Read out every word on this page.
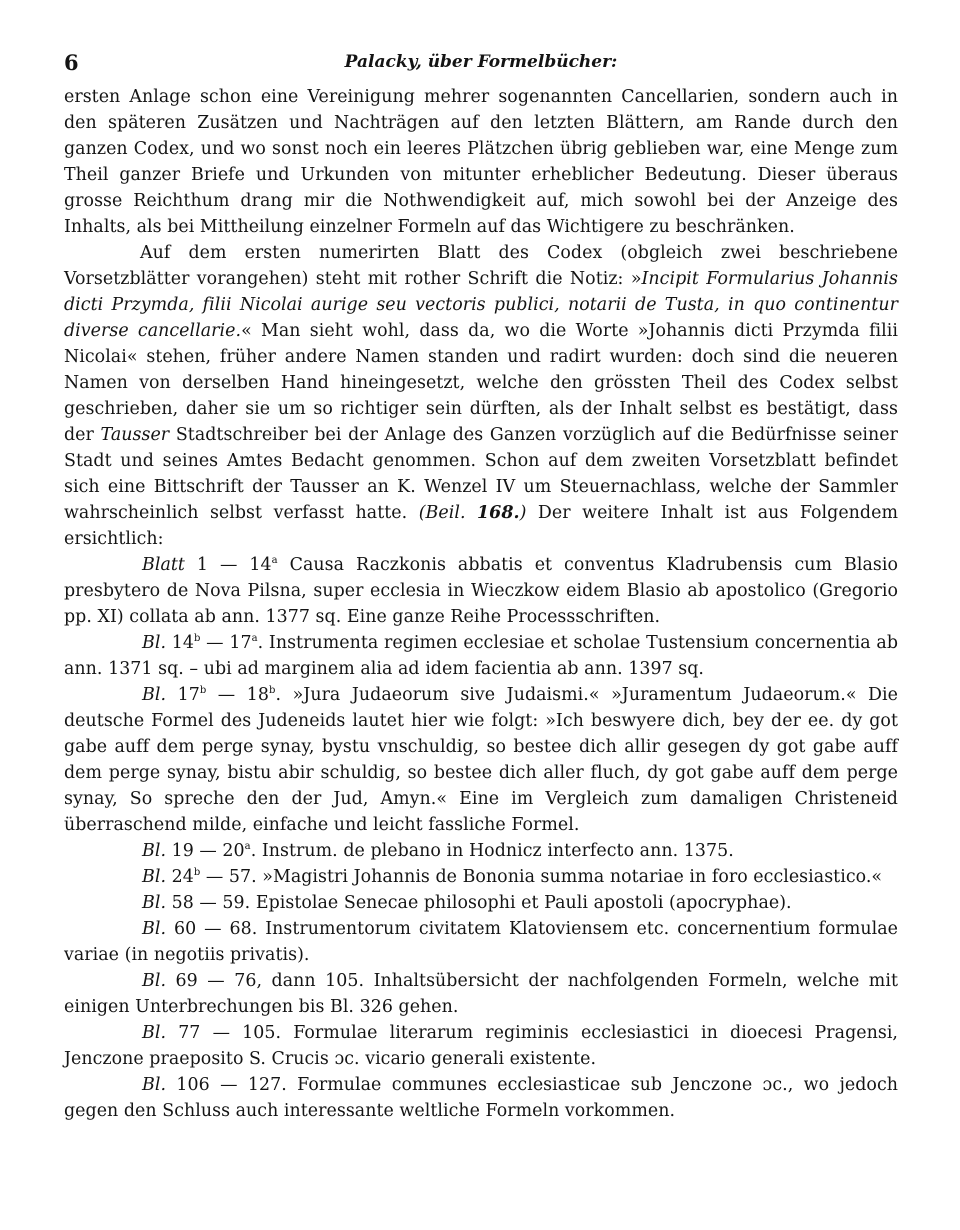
6	Palacky, über Formelbücher:

ersten Anlage schon eine Vereinigung mehrer sogenannten Cancellarien, sondern auch in den späteren Zusätzen und Nachträgen auf den letzten Blättern, am Rande durch den ganzen Codex, und wo sonst noch ein leeres Plätzchen übrig geblieben war, eine Menge zum Theil ganzer Briefe und Urkunden von mitunter erheblicher Bedeutung. Dieser überaus grosse Reichthum drang mir die Nothwendigkeit auf, mich sowohl bei der Anzeige des Inhalts, als bei Mittheilung einzelner Formeln auf das Wichtigere zu beschränken.

Auf dem ersten numerirten Blatt des Codex (obgleich zwei beschriebene Vorsetzblätter vorangehen) steht mit rother Schrift die Notiz: »Incipit Formularius Johannis dicti Przymda, filii Nicolai aurige seu vectoris publici, notarii de Tusta, in quo continentur diverse cancellarie.« Man sieht wohl, dass da, wo die Worte »Johannis dicti Przymda filii Nicolai« stehen, früher andere Namen standen und radirt wurden: doch sind die neueren Namen von derselben Hand hineingesetzt, welche den grössten Theil des Codex selbst geschrieben, daher sie um so richtiger sein dürften, als der Inhalt selbst es bestätigt, dass der Tausser Stadtschreiber bei der Anlage des Ganzen vorzüglich auf die Bedürfnisse seiner Stadt und seines Amtes Bedacht genommen. Schon auf dem zweiten Vorsetzblatt befindet sich eine Bittschrift der Tausser an K. Wenzel IV um Steuernachlass, welche der Sammler wahrscheinlich selbst verfasst hatte. (Beil. 168.) Der weitere Inhalt ist aus Folgendem ersichtlich:

Blatt 1 — 14$^a$ Causa Raczkonis abbatis et conventus Kladrubensis cum Blasio presbytero de Nova Pilsna, super ecclesia in Wieczkow eidem Blasio ab apostolico (Gregorio pp. XI) collata ab ann. 1377 sq. Eine ganze Reihe Processschriften.

Bl. 14$^b$ — 17$^a$. Instrumenta regimen ecclesiae et scholae Tustensium concernentia ab ann. 1371 sq. – ubi ad marginem alia ad idem facientia ab ann. 1397 sq.

Bl. 17$^b$ — 18$^b$. »Jura Judaeorum sive Judaismi.« »Juramentum Judaeorum.« Die deutsche Formel des Judeneids lautet hier wie folgt: »Ich beswyere dich, bey der ee. dy got gabe auff dem perge synay, bystu vnschuldig, so bestee dich allir gesegen dy got gabe auff dem perge synay, bistu abir schuldig, so bestee dich aller fluch, dy got gabe auff dem perge synay, So spreche den der Jud, Amyn.« Eine im Vergleich zum damaligen Christeneid überraschend milde, einfache und leicht fassliche Formel.

Bl. 19 — 20$^a$. Instrum. de plebano in Hodnicz interfecto ann. 1375.

Bl. 24$^b$ — 57. »Magistri Johannis de Bononia summa notariae in foro ecclesiastico.«

Bl. 58 — 59. Epistolae Senecae philosophi et Pauli apostoli (apocryphae).

Bl. 60 — 68. Instrumentorum civitatem Klatoviensem etc. concernentium formulae variae (in negotiis privatis).

Bl. 69 — 76, dann 105. Inhaltsübersicht der nachfolgenden Formeln, welche mit einigen Unterbrechungen bis Bl. 326 gehen.

Bl. 77 — 105. Formulae literarum regiminis ecclesiastici in dioecesi Pragensi, Jenczone praeposito S. Crucis ɔc. vicario generali existente.

Bl. 106 — 127. Formulae communes ecclesiasticae sub Jenczone ɔc., wo jedoch gegen den Schluss auch interessante weltliche Formeln vorkommen.
